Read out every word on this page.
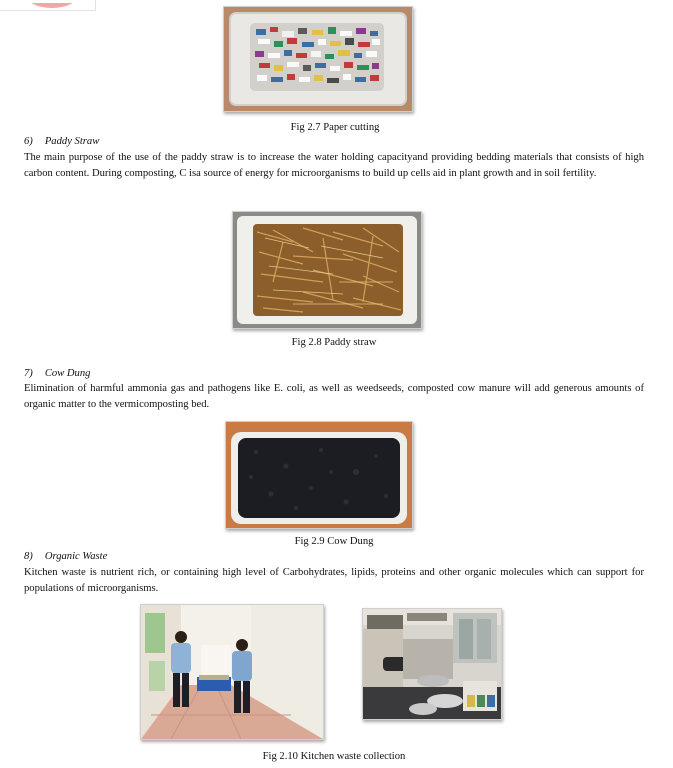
Fig 2.7 Paper cutting

6) Paddy Straw

The main purpose of the use of the paddy straw is to increase the water holding capacityand providing bedding materials that consists of high carbon content. During composting, C isa source of energy for microorganisms to build up cells aid in plant growth and in soil fertility.

Fig 2.8 Paddy straw

7) Cow Dung

Elimination of harmful ammonia gas and pathogens like E. coli, as well as weedseeds, composted cow manure will add generous amounts of organic matter to the vermicomposting bed.

Fig 2.9 Cow Dung

8) Organic Waste

Kitchen waste is nutrient rich, or containing high level of Carbohydrates, lipids, proteins and other organic molecules which can support for populations of microorganisms.

Fig 2.10 Kitchen waste collection
